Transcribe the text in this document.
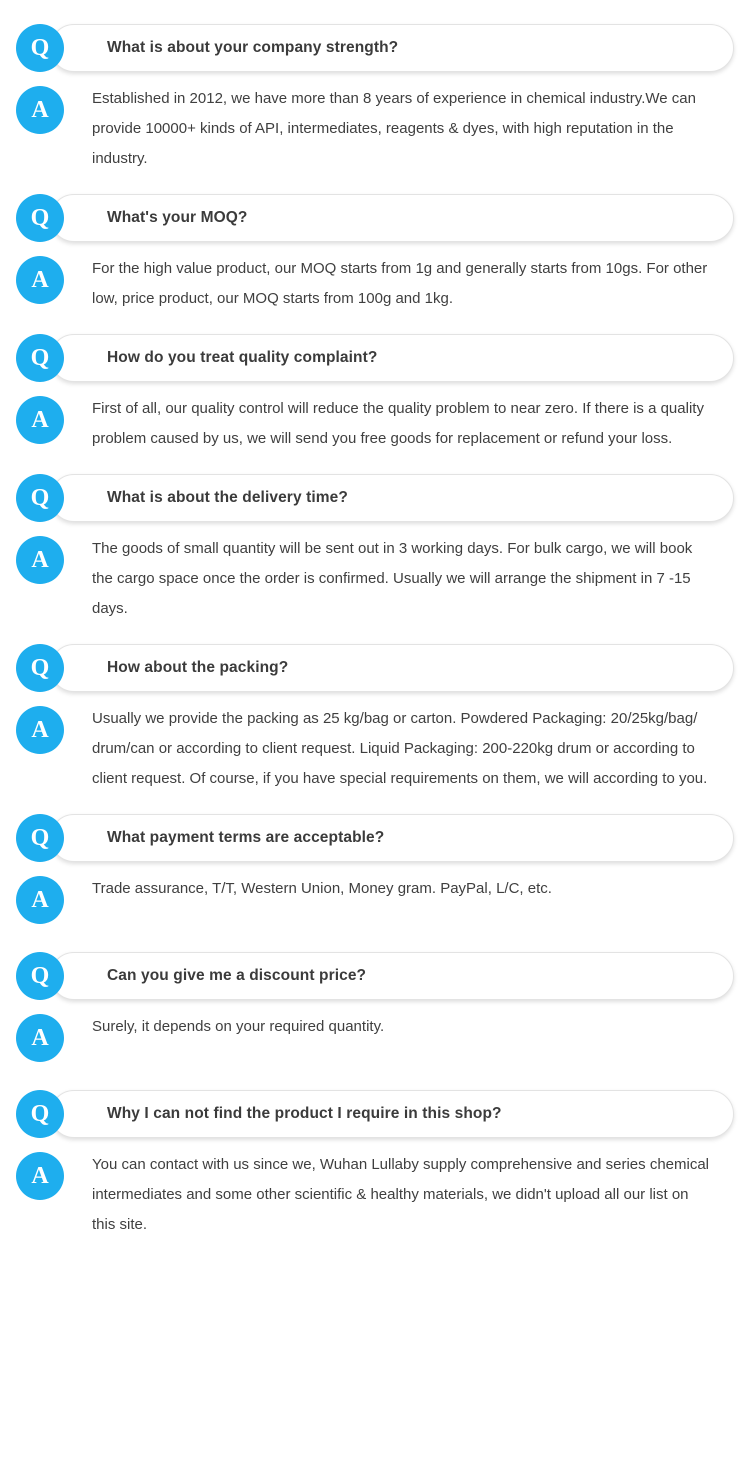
What is about your company strength?
Q
A	Established in 2012, we have more than 8 years of experience in chemical industry.We can provide 10000+ kinds of API, intermediates, reagents & dyes, with high reputation in the industry.
What's your MOQ?
Q
A	For the high value product, our MOQ starts from 1g and generally starts from 10gs. For other low, price product, our MOQ starts from 100g and 1kg.
How do you treat quality complaint?
Q
A	First of all, our quality control will reduce the quality problem to near zero. If there is a quality problem caused by us, we will send you free goods for replacement or refund your loss.
What is about the delivery time?
Q
A	The goods of small quantity will be sent out in 3 working days. For bulk cargo, we will book the cargo space once the order is confirmed. Usually we will arrange the shipment in 7 -15 days.
How about the packing?
Q
A	Usually we provide the packing as 25 kg/bag or carton. Powdered Packaging: 20/25kg/bag/ drum/can or according to client request. Liquid Packaging: 200-220kg drum or according to client request. Of course, if you have special requirements on them, we will according to you.
What payment terms are acceptable?
Q
A	Trade assurance, T/T, Western Union, Money gram. PayPal, L/C, etc.
Can you give me a discount price?
Q
A	Surely, it depends on your required quantity.
Why I can not find the product I require in this shop?
Q
A	You can contact with us since we, Wuhan Lullaby supply comprehensive and series chemical intermediates and some other scientific & healthy materials, we didn't upload all our list on this site.
